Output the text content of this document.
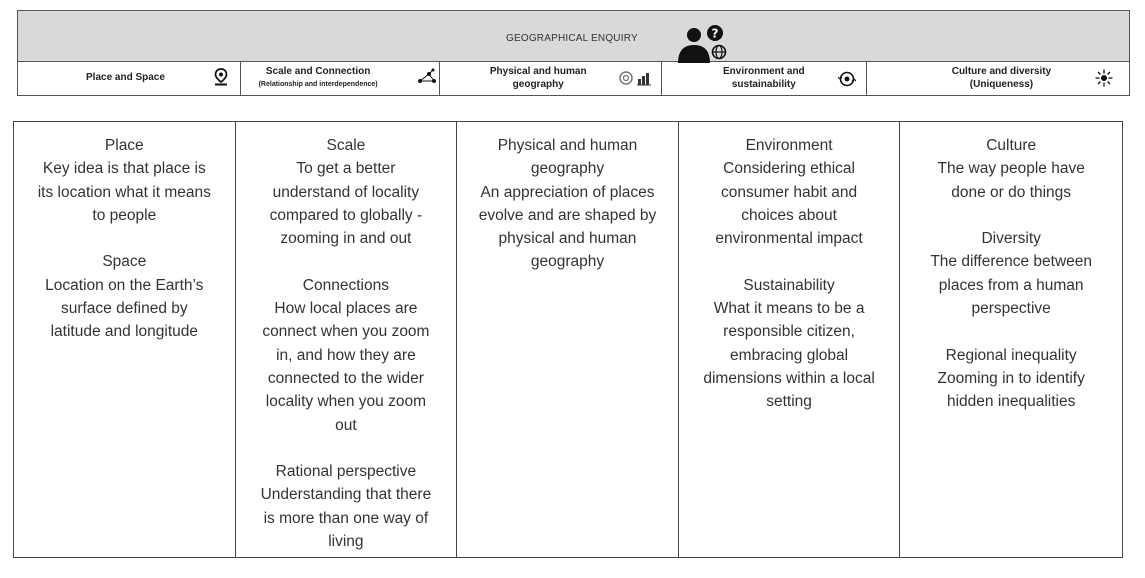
GEOGRAPHICAL ENQUIRY	?
Place and Space
Scale and Connection
(Relationship and interdependence)
Physical and human
geography
Environment and
sustainability
Culture and diversity
(Uniqueness)
Place
Key idea is that place is
its location what it means
to people
Space
Location on the Earth’s
surface defined by
latitude and longitude
Scale
To get a better
understand of locality
compared to globally -
zooming in and out
Connections
How local places are
connect when you zoom
in, and how they are
connected to the wider
locality when you zoom
out
Rational perspective
Understanding that there
is more than one way of
living
Physical and human
geography
An appreciation of places
evolve and are shaped by
physical and human
geography
Environment
Considering ethical
consumer habit and
choices about
environmental impact
Sustainability
What it means to be a
responsible citizen,
embracing global
dimensions within a local
setting
Culture
The way people have
done or do things
Diversity
The difference between
places from a human
perspective
Regional inequality
Zooming in to identify
hidden inequalities
